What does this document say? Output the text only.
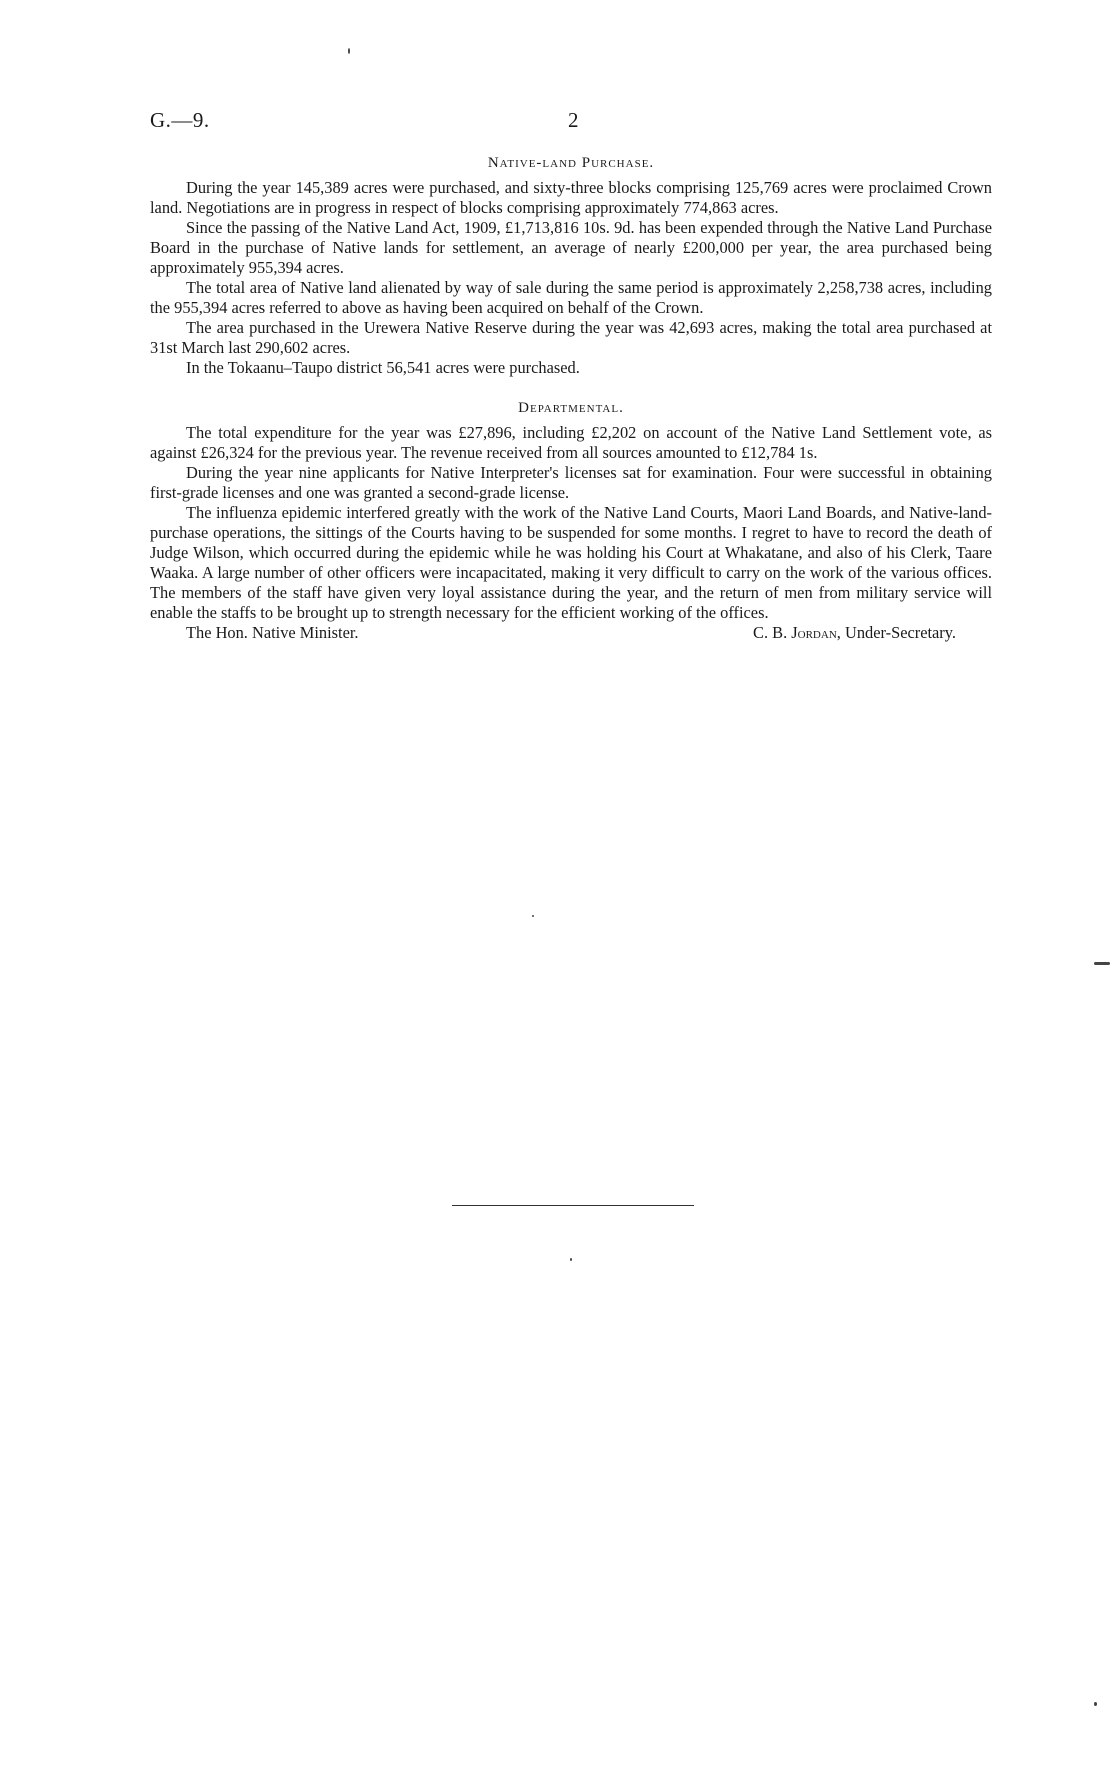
G.—9.	2
Native-land Purchase.

During the year 145,389 acres were purchased, and sixty-three blocks comprising 125,769 acres were proclaimed Crown land. Negotiations are in progress in respect of blocks comprising approximately 774,863 acres.

Since the passing of the Native Land Act, 1909, £1,713,816 10s. 9d. has been expended through the Native Land Purchase Board in the purchase of Native lands for settlement, an average of nearly £200,000 per year, the area purchased being approximately 955,394 acres.

The total area of Native land alienated by way of sale during the same period is approximately 2,258,738 acres, including the 955,394 acres referred to above as having been acquired on behalf of the Crown.

The area purchased in the Urewera Native Reserve during the year was 42,693 acres, making the total area purchased at 31st March last 290,602 acres.

In the Tokaanu–Taupo district 56,541 acres were purchased.

Departmental.

The total expenditure for the year was £27,896, including £2,202 on account of the Native Land Settlement vote, as against £26,324 for the previous year. The revenue received from all sources amounted to £12,784 1s.

During the year nine applicants for Native Interpreter's licenses sat for examination. Four were successful in obtaining first-grade licenses and one was granted a second-grade license.

The influenza epidemic interfered greatly with the work of the Native Land Courts, Maori Land Boards, and Native-land-purchase operations, the sittings of the Courts having to be suspended for some months. I regret to have to record the death of Judge Wilson, which occurred during the epidemic while he was holding his Court at Whakatane, and also of his Clerk, Taare Waaka. A large number of other officers were incapacitated, making it very difficult to carry on the work of the various offices. The members of the staff have given very loyal assistance during the year, and the return of men from military service will enable the staffs to be brought up to strength necessary for the efficient working of the offices.

The Hon. Native Minister.	C. B. Jordan, Under-Secretary.
